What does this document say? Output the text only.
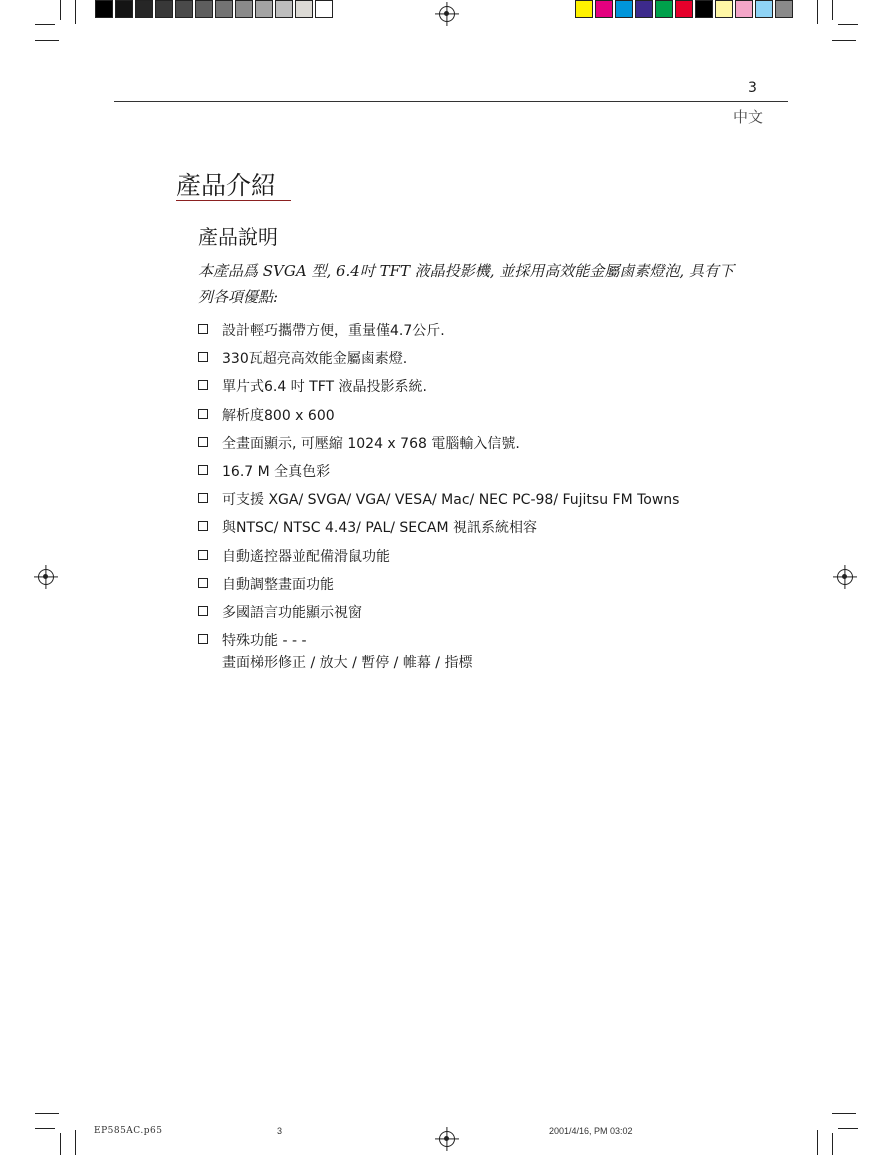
3
中文
產品介紹
產品說明
本產品爲 SVGA 型, 6.4吋 TFT 液晶投影機, 並採用高效能金屬鹵素燈泡, 具有下列各項優點:
設計輕巧攜帶方便，重量僅4.7公斤.
330瓦超亮高效能金屬鹵素燈.
單片式6.4 吋 TFT 液晶投影系統.
解析度800 x 600
全畫面顯示, 可壓縮 1024 x 768 電腦輸入信號.
16.7 M 全真色彩
可支援 XGA/ SVGA/ VGA/ VESA/ Mac/ NEC PC-98/ Fujitsu FM Towns
與NTSC/ NTSC 4.43/ PAL/ SECAM 視訊系統相容
自動遙控器並配備滑鼠功能
自動調整畫面功能
多國語言功能顯示視窗
特殊功能 - - -
畫面梯形修正 / 放大 / 暫停 / 帷幕 / 指標
EP585AC.p65	3	2001/4/16, PM 03:02
